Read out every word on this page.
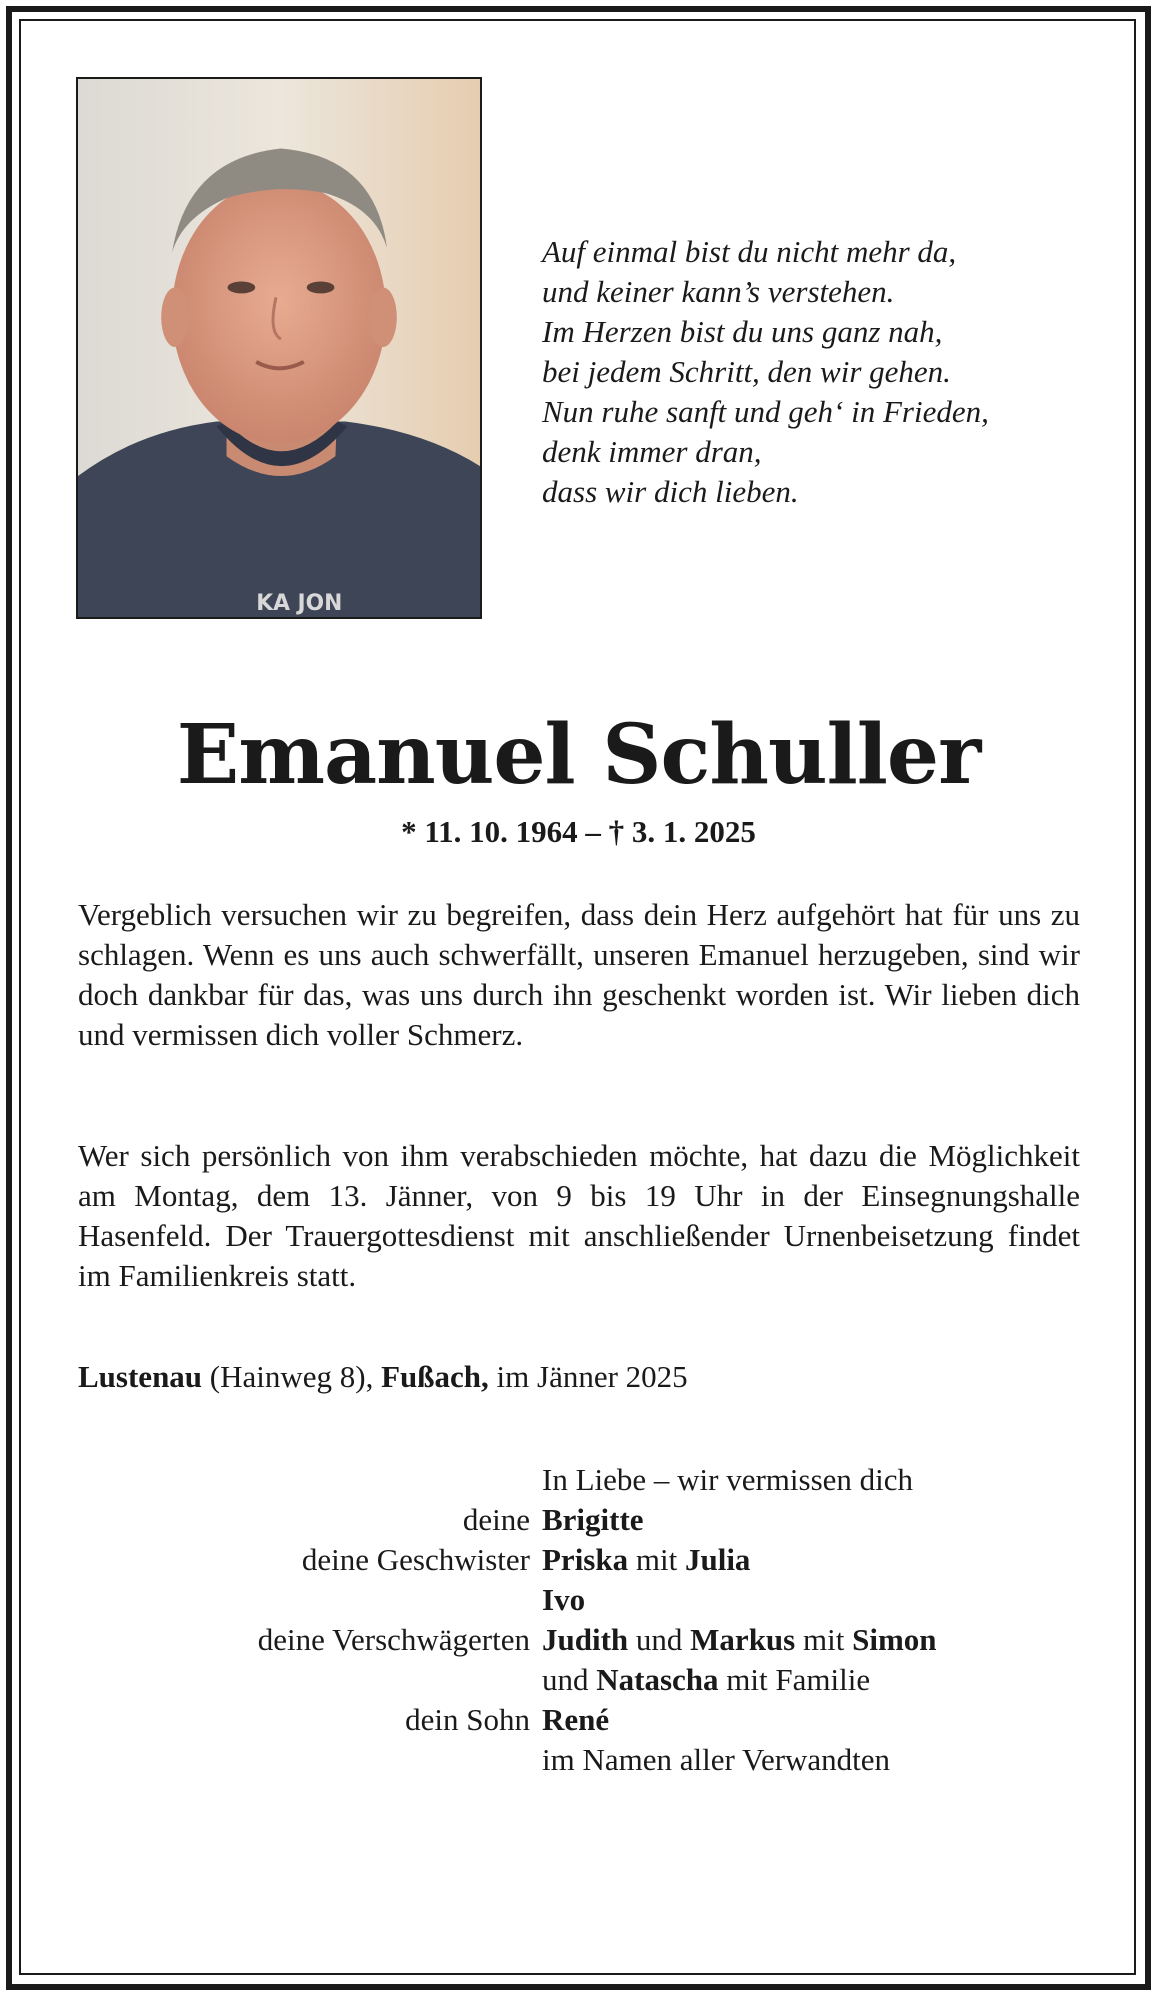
KA JON
Auf einmal bist du nicht mehr da,
und keiner kann’s verstehen.
Im Herzen bist du uns ganz nah,
bei jedem Schritt, den wir gehen.
Nun ruhe sanft und geh‘ in Frieden,
denk immer dran,
dass wir dich lieben.
Emanuel Schuller
* 11. 10. 1964 – † 3. 1. 2025
Vergeblich versuchen wir zu begreifen, dass dein Herz aufgehört hat für uns zu schlagen. Wenn es uns auch schwerfällt, unseren Emanuel herzugeben, sind wir doch dankbar für das, was uns durch ihn geschenkt worden ist. Wir lieben dich und vermissen dich voller Schmerz.
Wer sich persönlich von ihm verabschieden möchte, hat dazu die Möglichkeit am Montag, dem 13. Jänner, von 9 bis 19 Uhr in der Einsegnungshalle Hasenfeld. Der Trauergottesdienst mit anschließender Urnenbeisetzung findet im Familienkreis statt.
Lustenau (Hainweg 8), Fußach, im Jänner 2025
In Liebe – wir vermissen dich
deine Brigitte
deine Geschwister Priska mit Julia
Ivo
deine Verschwägerten Judith und Markus mit Simon
und Natascha mit Familie
dein Sohn René
im Namen aller Verwandten
